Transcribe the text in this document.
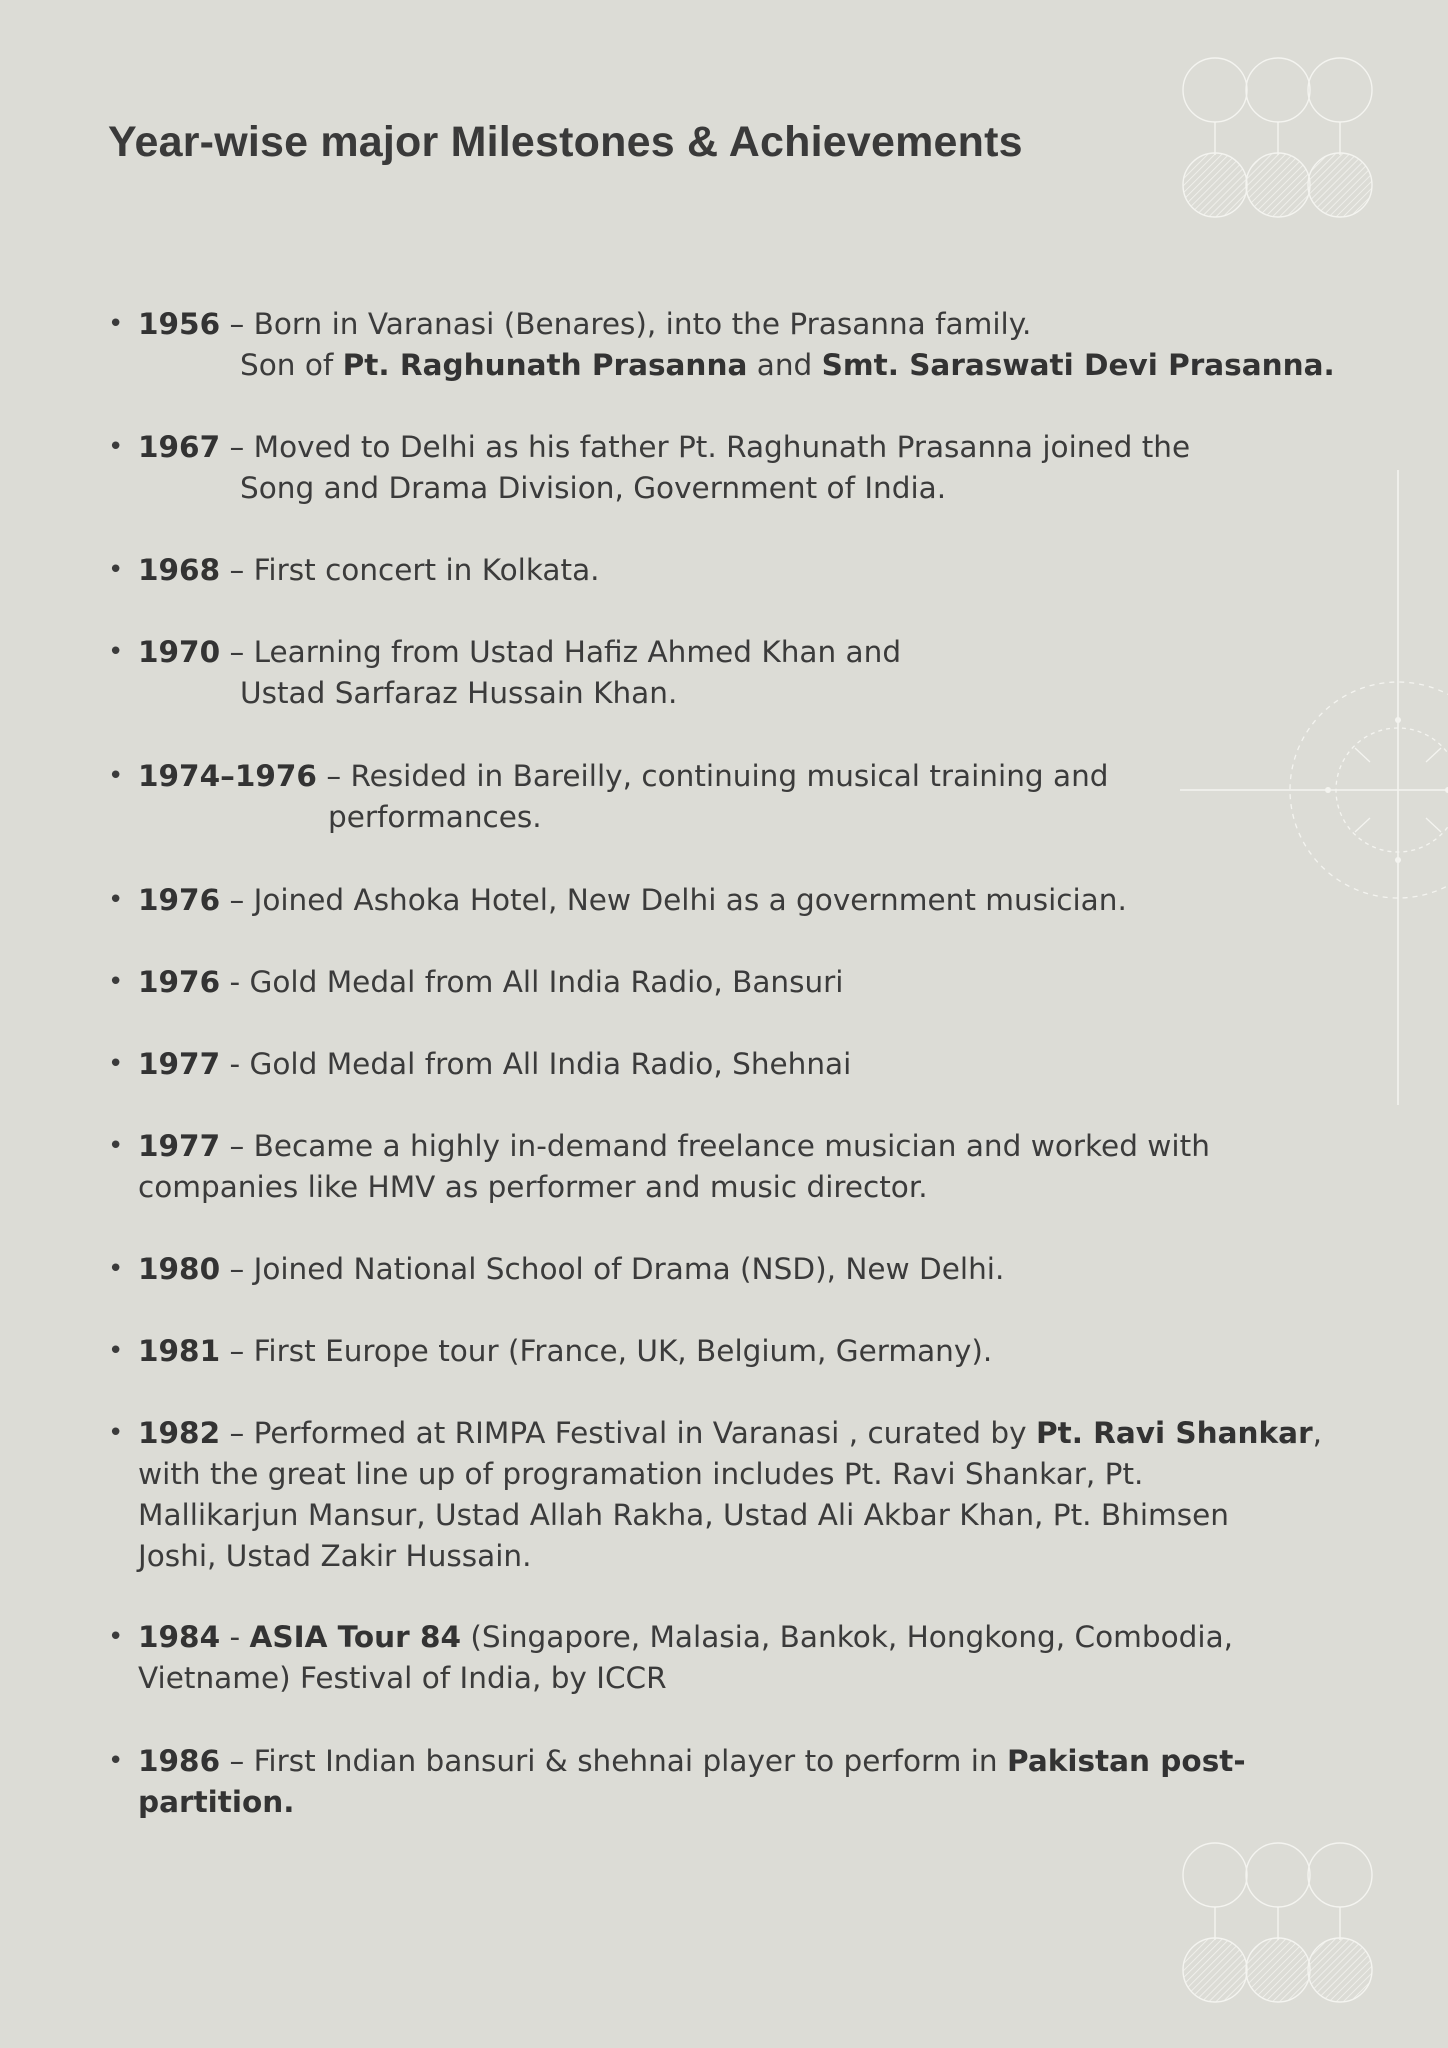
Year-wise major Milestones & Achievements
• 1956 – Born in Varanasi (Benares), into the Prasanna family.
Son of Pt. Raghunath Prasanna and Smt. Saraswati Devi Prasanna.
• 1967 – Moved to Delhi as his father Pt. Raghunath Prasanna joined the
Song and Drama Division, Government of India.
• 1968 – First concert in Kolkata.
• 1970 – Learning from Ustad Hafiz Ahmed Khan and
Ustad Sarfaraz Hussain Khan.
• 1974–1976 – Resided in Bareilly, continuing musical training and
performances.
• 1976 – Joined Ashoka Hotel, New Delhi as a government musician.
• 1976 - Gold Medal from All India Radio, Bansuri
• 1977 - Gold Medal from All India Radio, Shehnai
• 1977 – Became a highly in-demand freelance musician and worked with
companies like HMV as performer and music director.
• 1980 – Joined National School of Drama (NSD), New Delhi.
• 1981 – First Europe tour (France, UK, Belgium, Germany).
• 1982 – Performed at RIMPA Festival in Varanasi , curated by Pt. Ravi Shankar,
with the great line up of programation includes Pt. Ravi Shankar, Pt.
Mallikarjun Mansur, Ustad Allah Rakha, Ustad Ali Akbar Khan, Pt. Bhimsen
Joshi, Ustad Zakir Hussain.
• 1984 - ASIA Tour 84 (Singapore, Malasia, Bankok, Hongkong, Combodia,
Vietname) Festival of India, by ICCR
• 1986 – First Indian bansuri & shehnai player to perform in Pakistan post-
partition.
